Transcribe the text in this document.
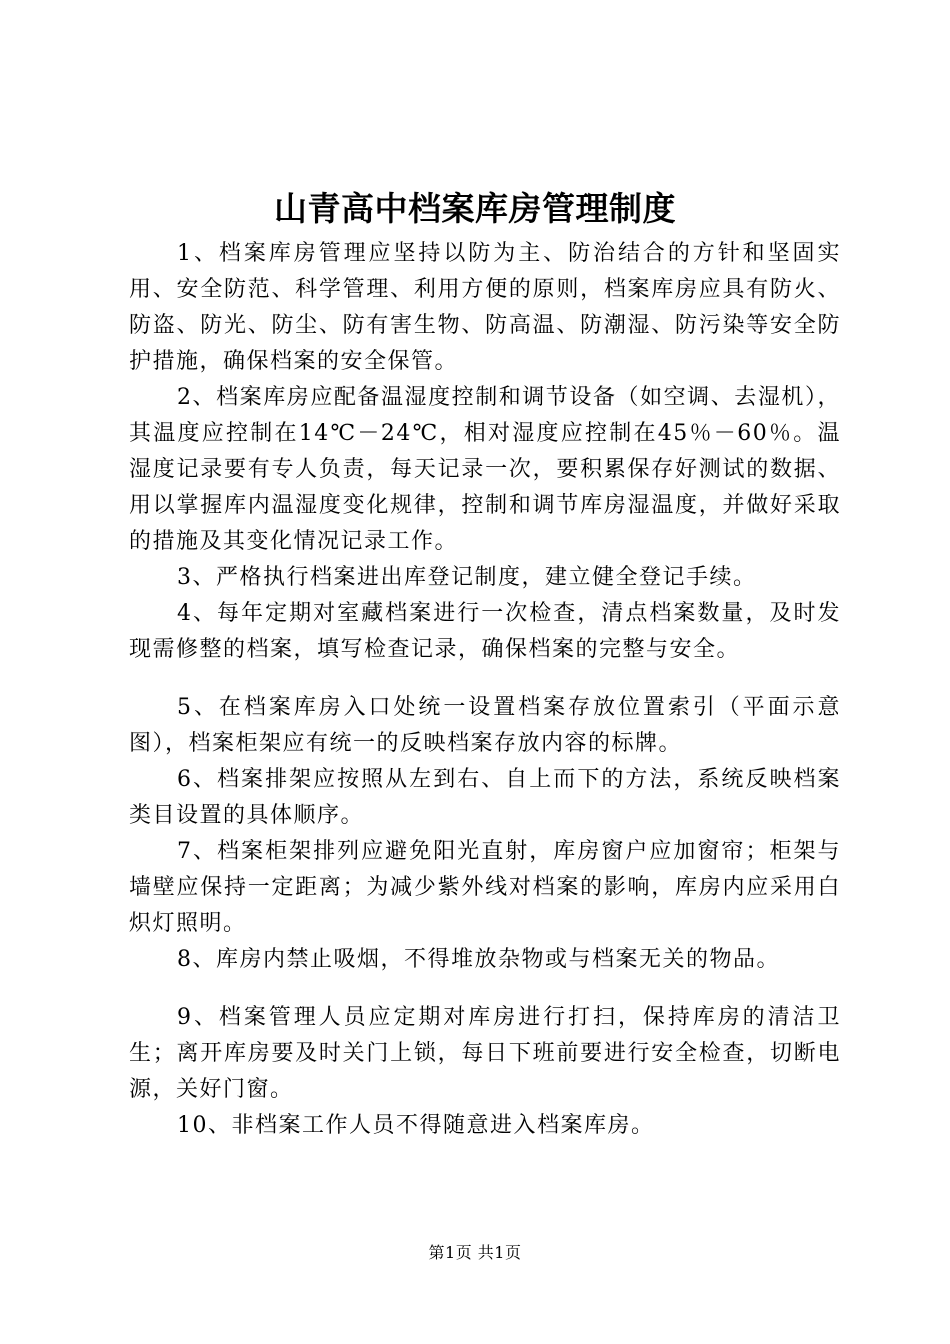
山青高中档案库房管理制度

1、档案库房管理应坚持以防为主、防治结合的方针和坚固实用、安全防范、科学管理、利用方便的原则，档案库房应具有防火、防盗、防光、防尘、防有害生物、防高温、防潮湿、防污染等安全防护措施，确保档案的安全保管。

2、档案库房应配备温湿度控制和调节设备（如空调、去湿机），其温度应控制在14℃－24℃，相对湿度应控制在45％－60％。温湿度记录要有专人负责，每天记录一次，要积累保存好测试的数据、用以掌握库内温湿度变化规律，控制和调节库房湿温度，并做好采取的措施及其变化情况记录工作。

3、严格执行档案进出库登记制度，建立健全登记手续。

4、每年定期对室藏档案进行一次检查，清点档案数量，及时发现需修整的档案，填写检查记录，确保档案的完整与安全。

5、在档案库房入口处统一设置档案存放位置索引（平面示意图），档案柜架应有统一的反映档案存放内容的标牌。

6、档案排架应按照从左到右、自上而下的方法，系统反映档案类目设置的具体顺序。

7、档案柜架排列应避免阳光直射，库房窗户应加窗帘；柜架与墙壁应保持一定距离；为减少紫外线对档案的影响，库房内应采用白炽灯照明。

8、库房内禁止吸烟，不得堆放杂物或与档案无关的物品。

9、档案管理人员应定期对库房进行打扫，保持库房的清洁卫生；离开库房要及时关门上锁，每日下班前要进行安全检查，切断电源，关好门窗。

10、非档案工作人员不得随意进入档案库房。

第1页 共1页
